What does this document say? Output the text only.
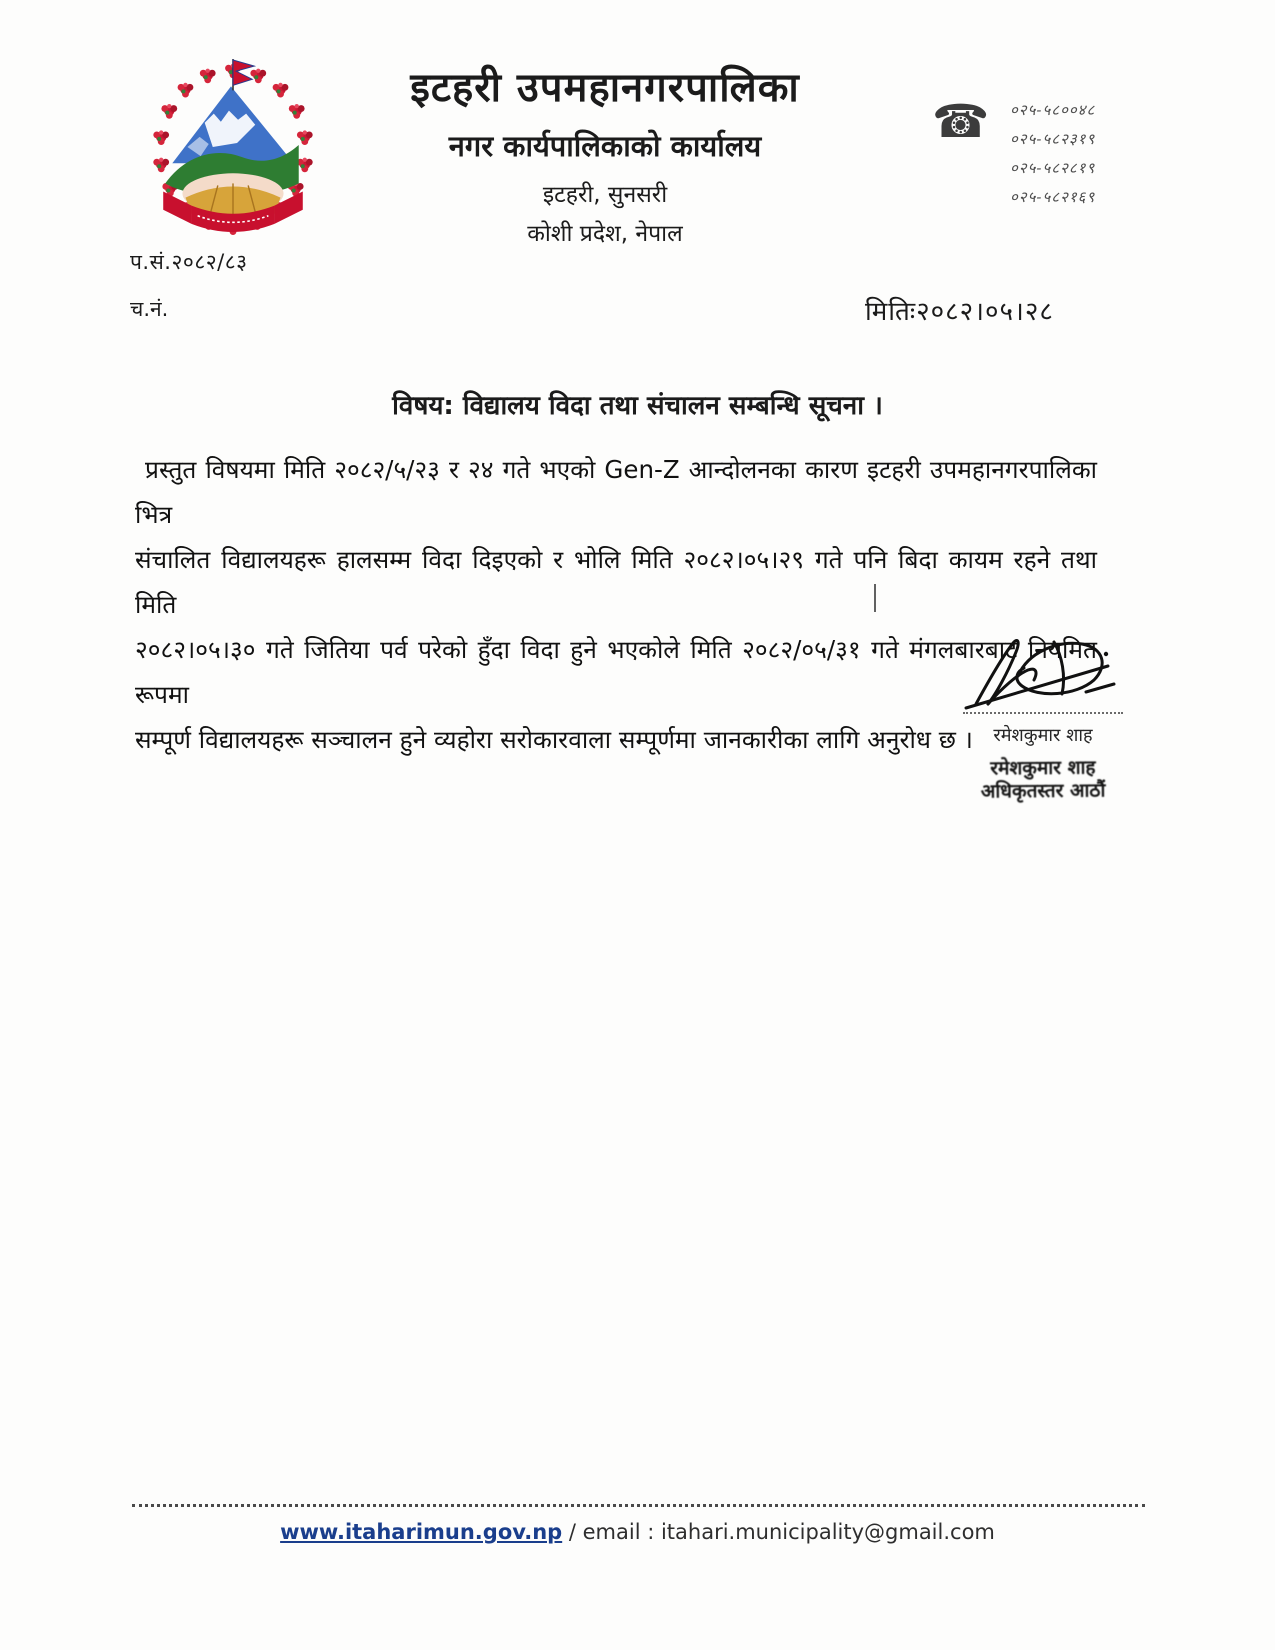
इटहरी उपमहानगरपालिका
नगर कार्यपालिकाको कार्यालय
इटहरी, सुनसरी
कोशी प्रदेश, नेपाल
☎ ०२५-५८००४८
०२५-५८२३१९
०२५-५८२८१९
०२५-५८२१६९
प.सं.२०८२/८३
च.नं.	मितिः२०८२।०५।२८
विषय: विद्यालय विदा तथा संचालन सम्बन्धि सूचना ।
प्रस्तुत विषयमा मिति २०८२/५/२३ र २४ गते भएको Gen-Z आन्दोलनका कारण इटहरी उपमहानगरपालिका भित्र
संचालित विद्यालयहरू हालसम्म विदा दिइएको र भोलि मिति २०८२।०५।२९ गते पनि बिदा कायम रहने तथा मिति
२०८२।०५।३० गते जितिया पर्व परेको हुँदा विदा हुने भएकोले मिति २०८२/०५/३१ गते मंगलबारबाट नियमित रूपमा
सम्पूर्ण विद्यालयहरू सञ्चालन हुने व्यहोरा सरोकारवाला सम्पूर्णमा जानकारीका लागि अनुरोध छ ।	रमेशकुमार शाह
रमेशकुमार शाह
अधिकृतस्तर आठौं
www.itaharimun.gov.np / email : itahari.municipality@gmail.com
